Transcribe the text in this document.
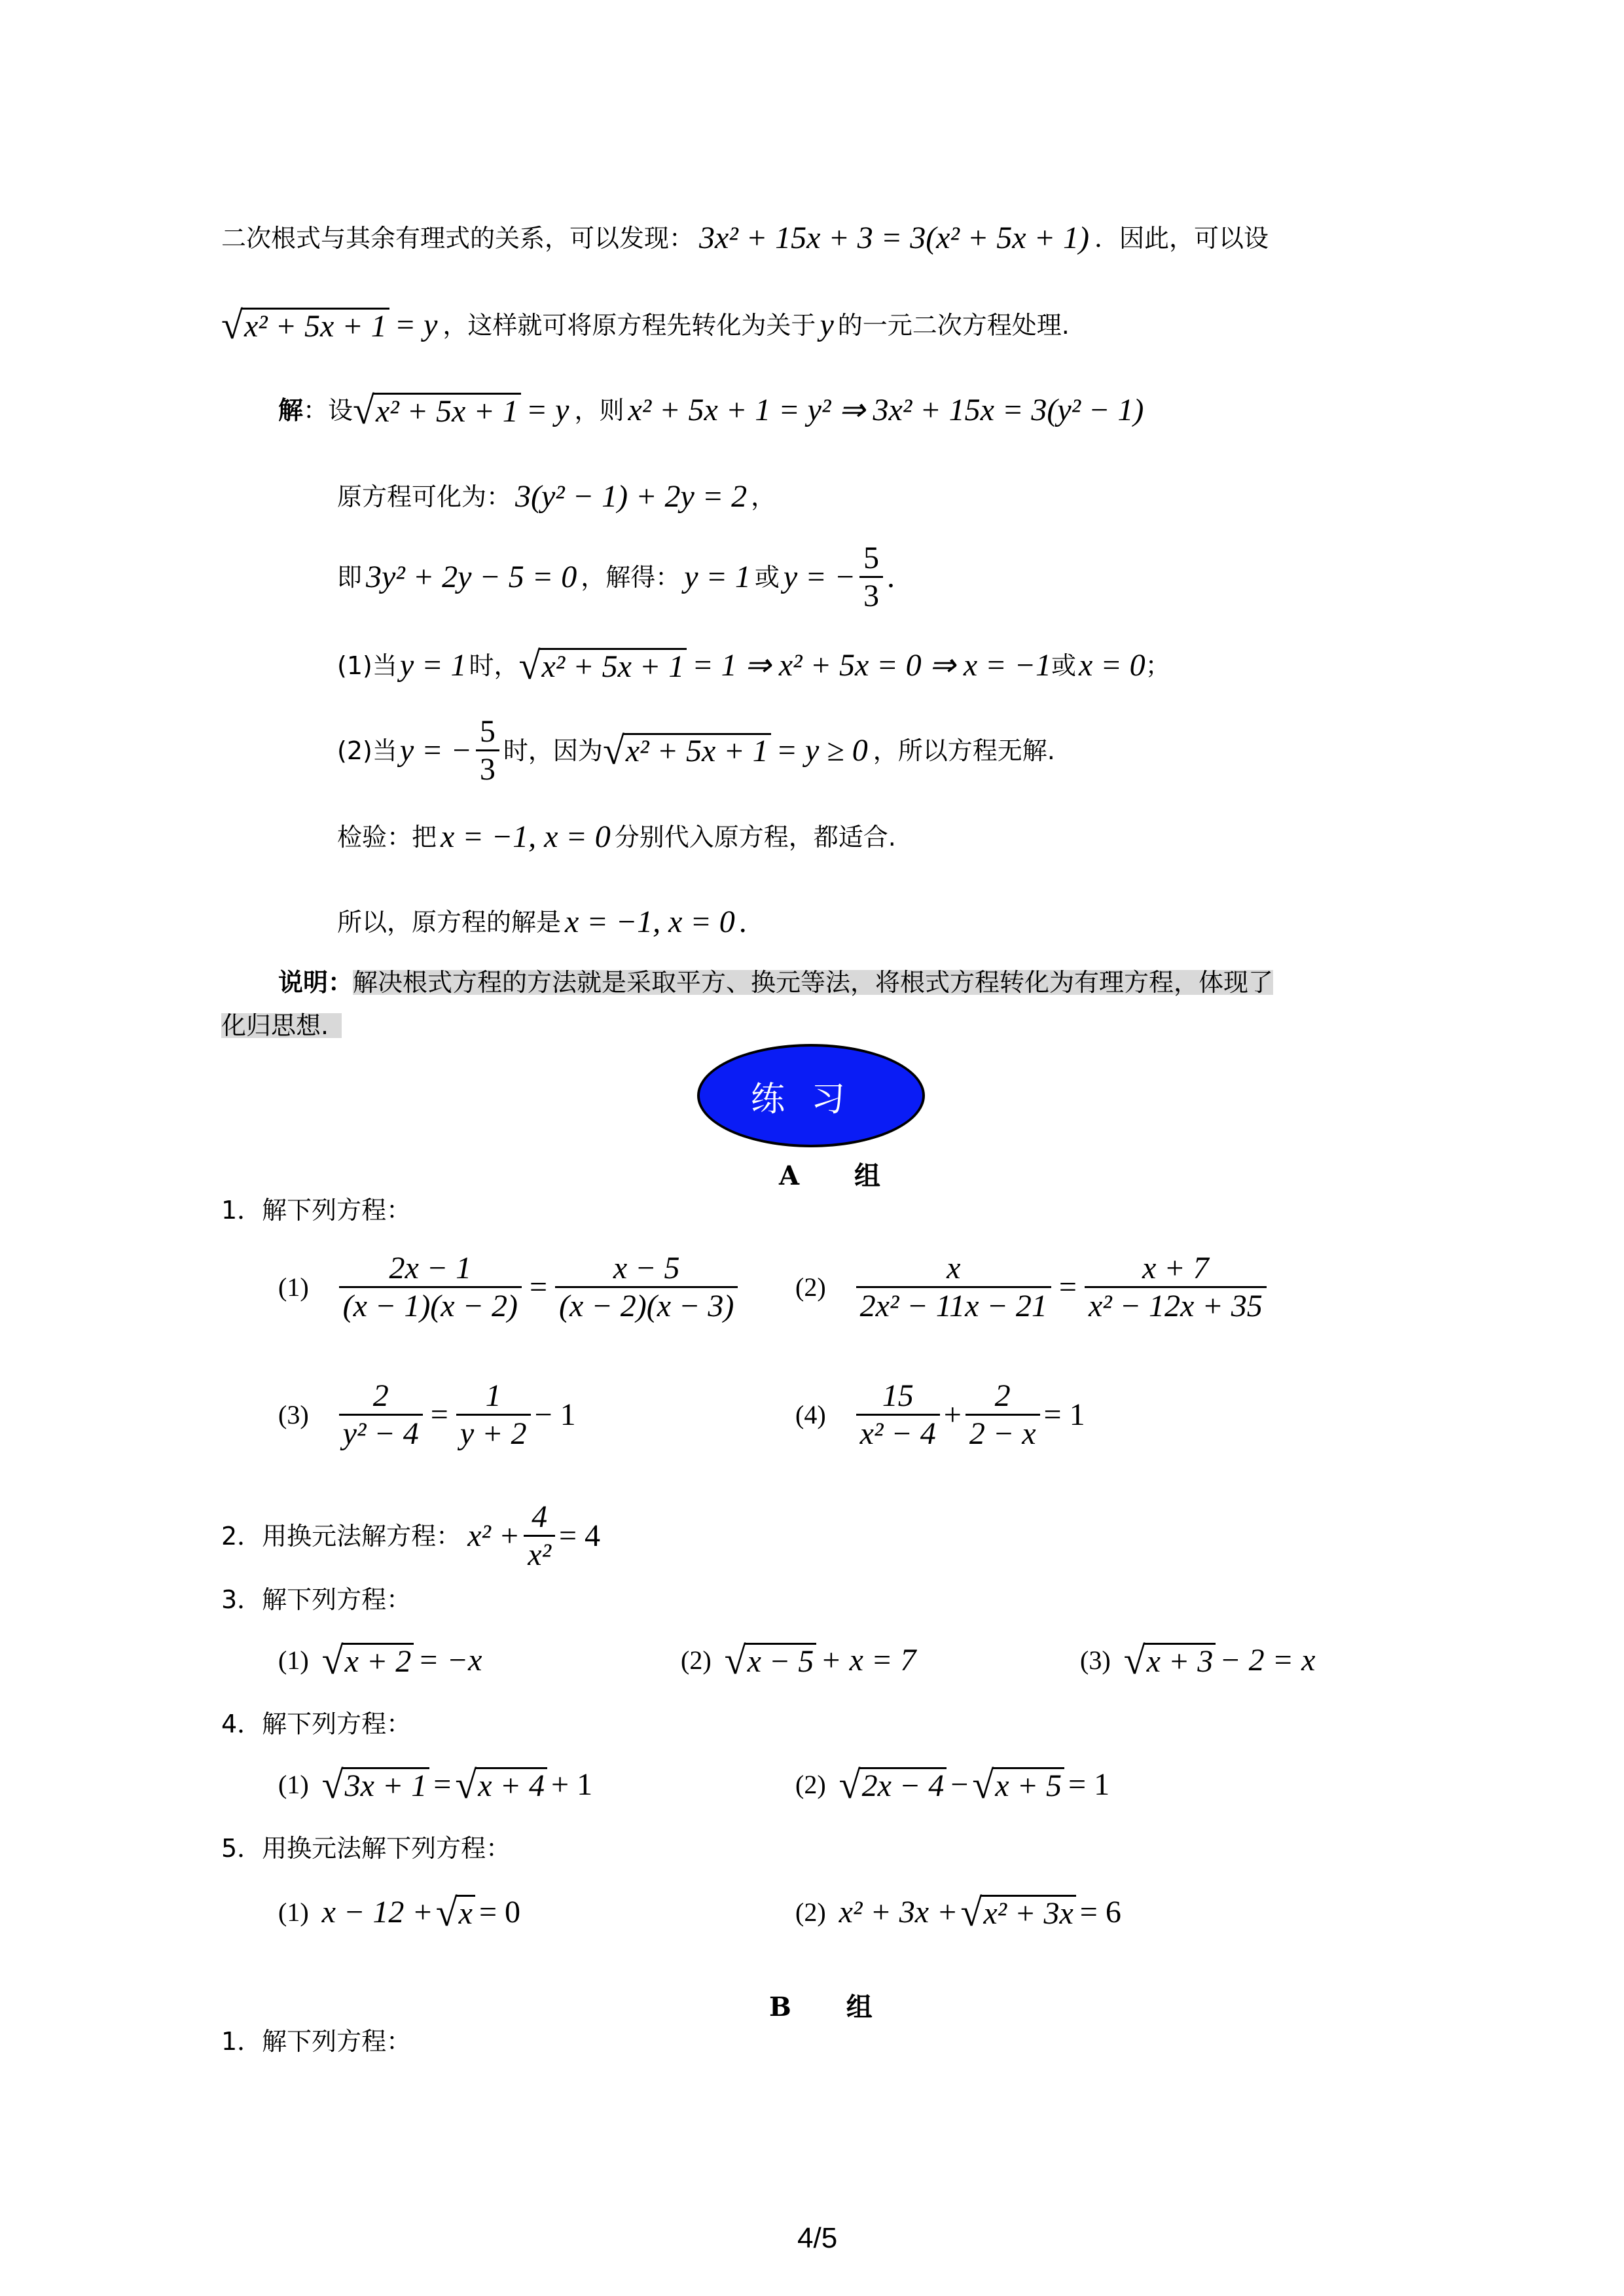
二次根式与其余有理式的关系，可以发现： 3x² + 15x + 3 = 3(x² + 5x + 1) ．因此，可以设
√ x² + 5x + 1 = y ，这样就可将原方程先转化为关于 y 的一元二次方程处理.
解 ：设 √ x² + 5x + 1 = y ，则 x² + 5x + 1 = y² ⇒ 3x² + 15x = 3(y² − 1)
原方程可化为： 3(y² − 1) + 2y = 2 ，
即 3y² + 2y − 5 = 0 ，解得： y = 1 或 y = − $\frac{5}{3}$ .
(1)当 y = 1 时， √ x² + 5x + 1 = 1 ⇒ x² + 5x = 0 ⇒ x = −1 或 x = 0 ；
(2)当 y = − $\frac{5}{3}$ 时，因为 √ x² + 5x + 1 = y ≥ 0 ，所以方程无解.
检验：把 x = −1, x = 0 分别代入原方程，都适合.
所以，原方程的解是 x = −1, x = 0 .
说明 ： 解决根式方程的方法就是采取平方、换元等法，将根式方程转化为有理方程，体现了
化归思想.
练习
A 组
1．解下列方程：
$(1) \frac{2x - 1}{(x - 1)(x - 2)} = \frac{x - 5}{(x - 2)(x - 3)} (2) \frac{x}{\text{2x² − 11x − 21}} = \frac{x + 7}{\text{x² − 12x + 35}}$
$(3) \frac{2}{\text{y² − 4}} = \frac{1}{y + 2} - 1$	$(4) \frac{15}{\text{x² − 4}} + \frac{2}{2 - x} = 1$
2．用换元法解方程： $x^2 + \frac{4}{\text{x²}} = 4$
3．解下列方程：
(1) √ x + 2 = −x	(2) √ x − 5 + x = 7	(3) √ x + 3 − 2 = x
4．解下列方程：
(1) √ 3x + 1 = √ x + 4 + 1	(2) √ 2x − 4 − √ x + 5 = 1
5．用换元法解下列方程：
(1) x − 12 + √ x = 0	(2) x² + 3x + √ x² + 3x = 6
B 组
1．解下列方程：
4/5
